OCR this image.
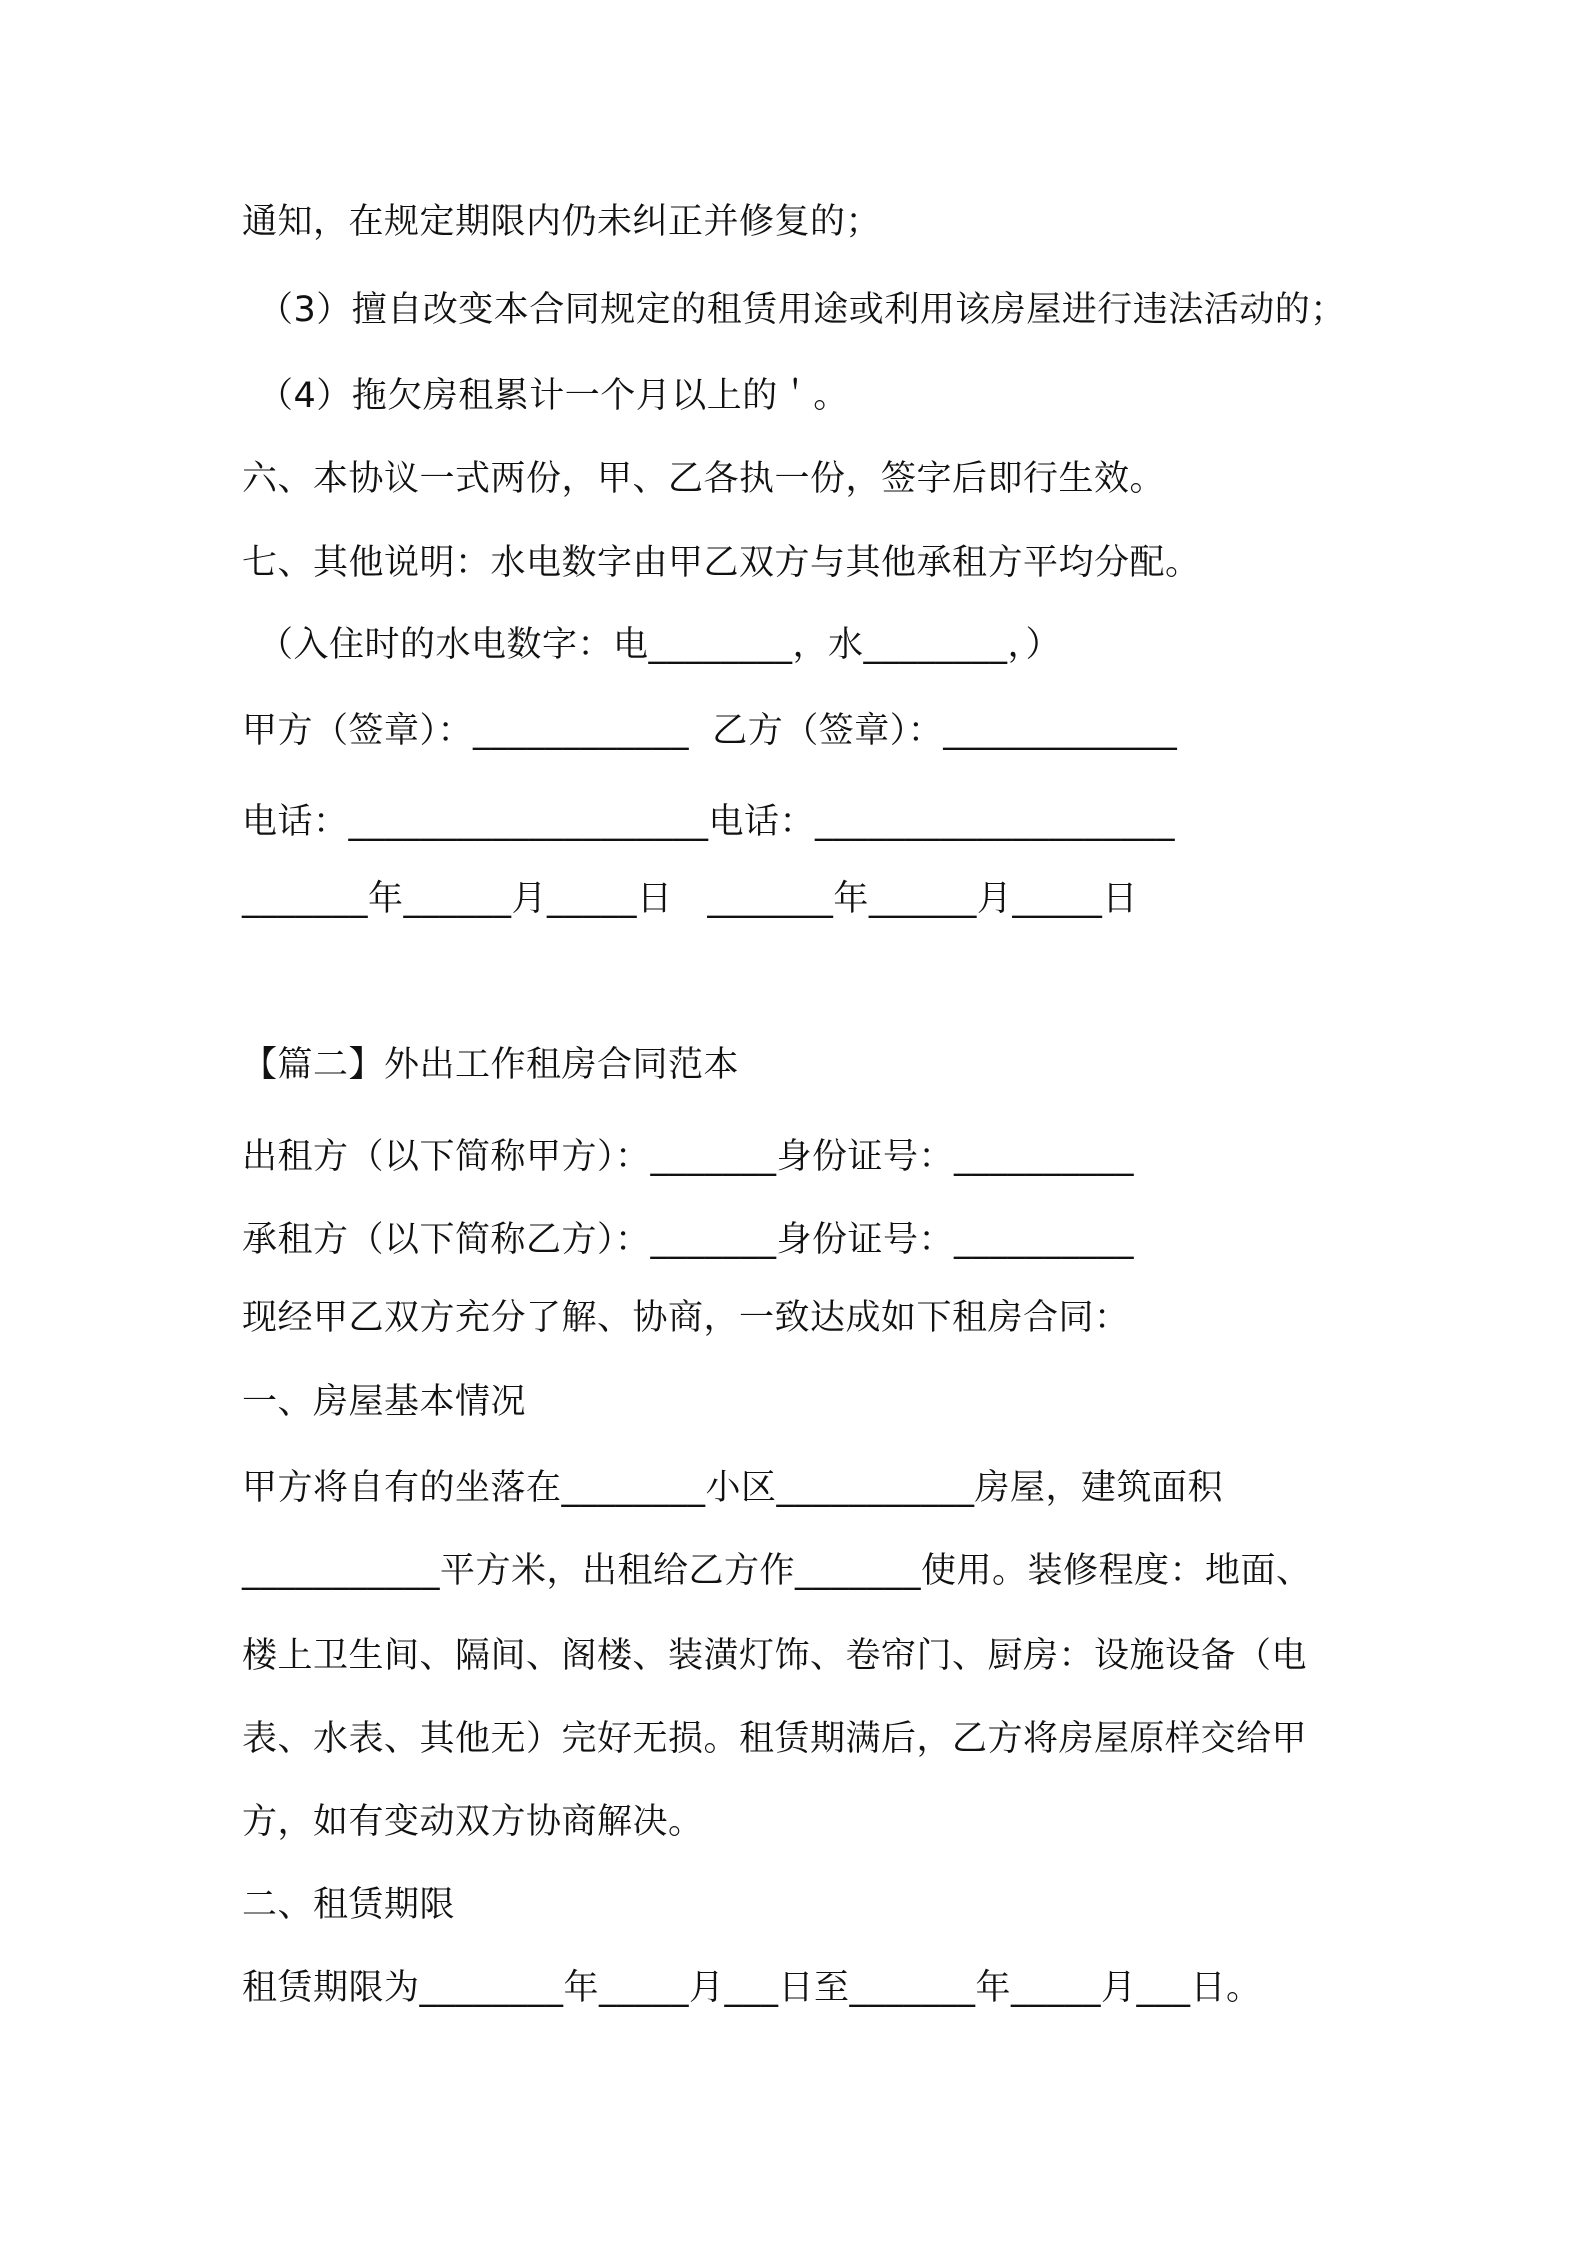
通知，在规定期限内仍未纠正并修复的；
（3）擅自改变本合同规定的租赁用途或利用该房屋进行违法活动的；
（4）拖欠房租累计一个月以上的＇。
六、本协议一式两份，甲、乙各执一份，签字后即行生效。
七、其他说明：水电数字由甲乙双方与其他承租方平均分配。
（入住时的水电数字：电________，水________，）
甲方（签章）：____________  乙方（签章）：_____________
电话：____________________电话：____________________
_______年______月_____日   _______年______月_____日
【篇二】外出工作租房合同范本
出租方（以下简称甲方）：_______身份证号：__________
承租方（以下简称乙方）：_______身份证号：__________
现经甲乙双方充分了解、协商，一致达成如下租房合同：
一、房屋基本情况
甲方将自有的坐落在________小区___________房屋，建筑面积
___________平方米，出租给乙方作_______使用。装修程度：地面、
楼上卫生间、隔间、阁楼、装潢灯饰、卷帘门、厨房：设施设备（电
表、水表、其他无）完好无损。租赁期满后，乙方将房屋原样交给甲
方，如有变动双方协商解决。
二、租赁期限
租赁期限为________年_____月___日至_______年_____月___日。
